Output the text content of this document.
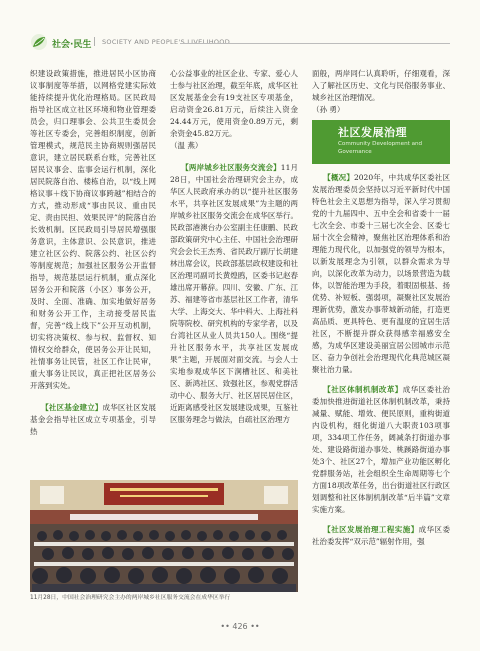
社会·民生 | SOCIETY AND PEOPLE'S LIVELIHOOD

织建设政策措施，推进居民小区协商议事制度等举措，以网格党建实际效能持续提升优化治理格局。区民政局指导社区成立社区环境和物业管理委员会，归口理事会、公共卫生委员会等社区专委会，完善组织制度，创新管理模式，规范民主协商规则强居民意识，建立居民联系台账，完善社区居民议事会、监事会运行机制，深化居民院落自治、楼栋自治，以“线上网格议事＋线下协商议事跨越”相结合的方式，推动形成“事由民议、重由民定、责由民担、效果民评”的院落自治长效机制。区民政局引导居民增强服务意识，主体意识、公民意识，推进建立社区公约、院落公约、社区公约等制度规范；加强社区服务公开监督指导，规范基层运行机制，重点深化居务公开和院落（小区）事务公开，及时、全面、准确、加实地做好居务和财务公开工作，主动接受居民监督，完善“线上线下”公开互动机制，切实将决策权、参与权、监督权、知情权交给群众，使居务公开让民知，社情事务让民管，社区工作让民审，重大事务让民议，真正把社区居务公开落到实处。

【社区基金建立】成华区社区发展基金会指导社区成立专项基金，引导热

心公益事业的社区企业、专家、爱心人士参与社区治理，截至年底，成华区社区发展基金会有19支社区专项基金，启动资金26.81万元，后续注入资金24.44万元，使用资金0.89万元，剩余资金45.82万元。

（温 燕）

【两岸城乡社区服务交流会】11月28日，中国社会治理研究会主办，成华区人民政府承办的以“提升社区服务水平，共享社区发展成果”为主题的两岸城乡社区服务交流会在成华区举行。民政部港澳台办公室副主任康鹏、民政部政策研究中心主任、中国社会治理研究会会长王杰秀、省民政厅副厅长胡建林出席会议，民政部基层政权建设和社区治理司副司长黄煌鸥，区委书记赵春雄出席开幕辞。四川、安徽、广东、江苏、福建等省市基层社区工作者，清华大学、上海交大、华中科大、上海社科院等院校、研究机构的专家学者，以及台湾社区从业人员共150人。围绕“提升社区服务水平，共享社区发展成果”主题，开展面对面交流。与会人士实地参观成华区下涧槽社区、和美社区、新鸿社区、致强社区，参观党群活动中心、服务大厅、社区居民居住区，近距离感受社区发展建设成果，互鉴社区服务理念与做法，自疏社区治理方

面般，两岸同仁认真聆听，仔细观看，深入了解社区历史、文化与民俗服务事业、城乡社区治理情况。

（孙 勇）

社区发展治理
Community Development and
Governance

【概况】2020年，中共成华区委社区发展治理委员会坚持以习近平新时代中国特色社会主义思想为指导，深入学习贯彻党的十九届四中、五中全会和省委十一届七次全会、市委十三届七次全会、区委七届十次全会精神，聚焦社区治理体系和治理能力现代化，以加强党的领导为根本，以新发展理念为引领，以群众需求为导向，以深化改革为动力，以场景营造为载体，以智能治理为手段，着眼固根基、扬优势、补短板、强弱项，凝聚社区发展治理新优势，激发办事带城新动能，打造更高品质、更具特色、更有温度的宜居生活社区，不断提升群众获得感幸福感安全感，为成华区建设美丽宜居公园城市示范区、奋力争创社会治理现代化典范城区凝聚社治力量。

【社区体制机制改革】成华区委社治委加快推进街道社区体制机制改革，秉持减量、赋能、增效、便民原则，重构街道内设机构，细化街道八大职责103项事项，334项工作任务，阔减条打街道办事处、建设路街道办事处、桃蹊路街道办事处3个、社区27个，增加产业功能区孵化党群服务站，社会组织全生命周期等七个方面18项改革任务，出台街道社区行政区划调整和社区体制机制改革“后半篇”文章实施方案。

【社区发展治理工程实施】成华区委社治委发挥“双示范”辐射作用，强

11月28日，中国社会治理研究会主办的两岸城乡社区服务交流会在成华区举行
•• 426 ••
